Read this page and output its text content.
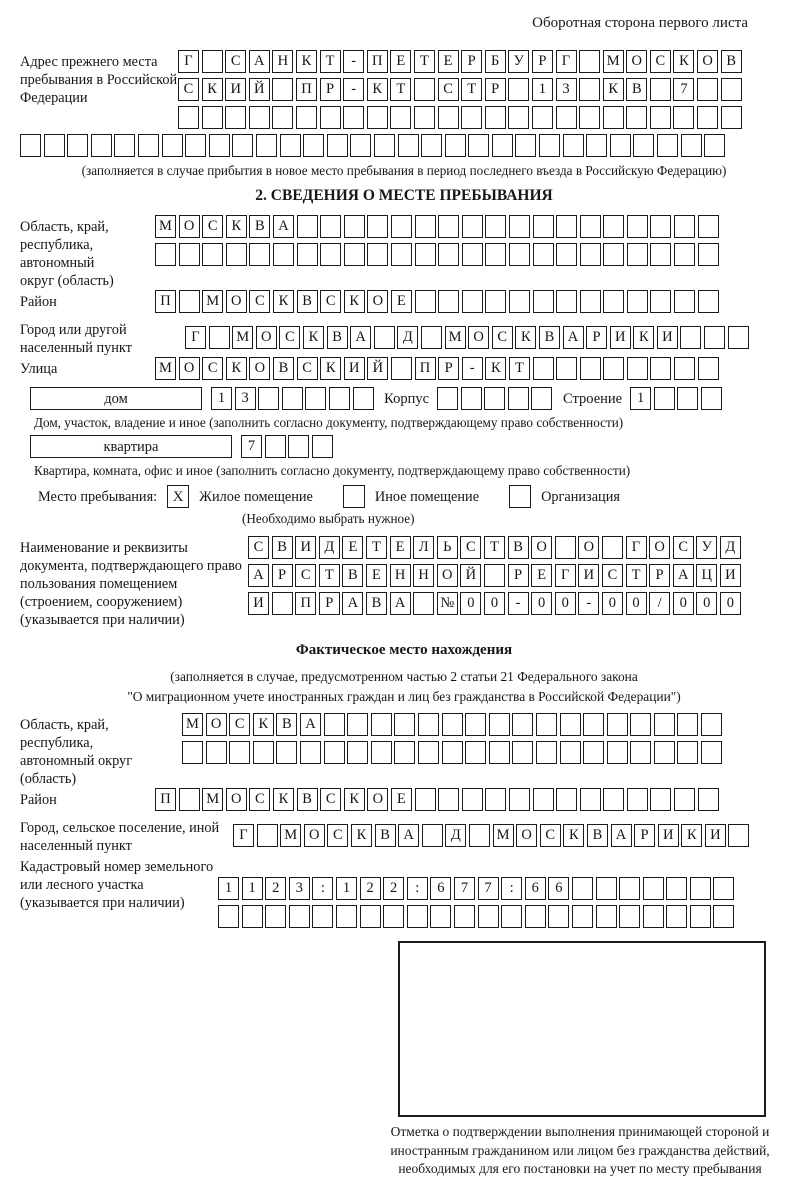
Оборотная сторона первого листа
Адрес прежнего места пребывания в Российской Федерации
Г	С А Н К Т	-	П Е	Т	Е	Р	Б У Р	Г	М О С К О В
С К И Й	П Р	-	К Т	С Т	Р	1	3	К В	7
(заполняется в случае прибытия в новое место пребывания в период последнего въезда в Российскую Федерацию)
2. СВЕДЕНИЯ О МЕСТЕ ПРЕБЫВАНИЯ
Область, край, республика, автономный округ (область)
М О С К В А
Район	П	М О С К В С К О Е
Город или другой населенный пункт
Г	М О С К В А	Д	М О С К В А Р И К И
Улица	М О С К О В С К И Й	П Р	-	К Т
дом	1	3	Корпус	Строение	1
Дом, участок, владение и иное (заполнить согласно документу, подтверждающему право собственности)
квартира	7
Квартира, комната, офис и иное (заполнить согласно документу, подтверждающему право собственности)
Место пребывания:	X	Жилое помещение	Иное помещение	Организация
(Необходимо выбрать нужное)
Наименование и реквизиты документа, подтверждающего право пользования помещением (строением, сооружением) (указывается при наличии)
С В И Д Е	Т	Е Л	Ь	С Т В О	О	Г О С У Д
А Р	С Т В Е Н Н О Й	Р	Е	Г И С Т	Р А Ц И
И	П Р А В А	№ 0	0	-	0	0	-	0	0	/	0	0	0
Фактическое место нахождения
(заполняется в случае, предусмотренном частью 2 статьи 21 Федерального закона
"О миграционном учете иностранных граждан и лиц без гражданства в Российской Федерации")
Область, край, республика, автономный округ (область)
М О С К В А
Район	П	М О С К В С К О Е
Город, сельское поселение, иной населенный пункт
Г	М О С К В А	Д	М О С К В А Р И К И
Кадастровый номер земельного или лесного участка (указывается при наличии)
1	1	2	3	:	1	2	2	:	6	7	7	:	6	6
Отметка о подтверждении выполнения принимающей стороной и иностранным гражданином или лицом без гражданства действий, необходимых для его постановки на учет по месту пребывания
